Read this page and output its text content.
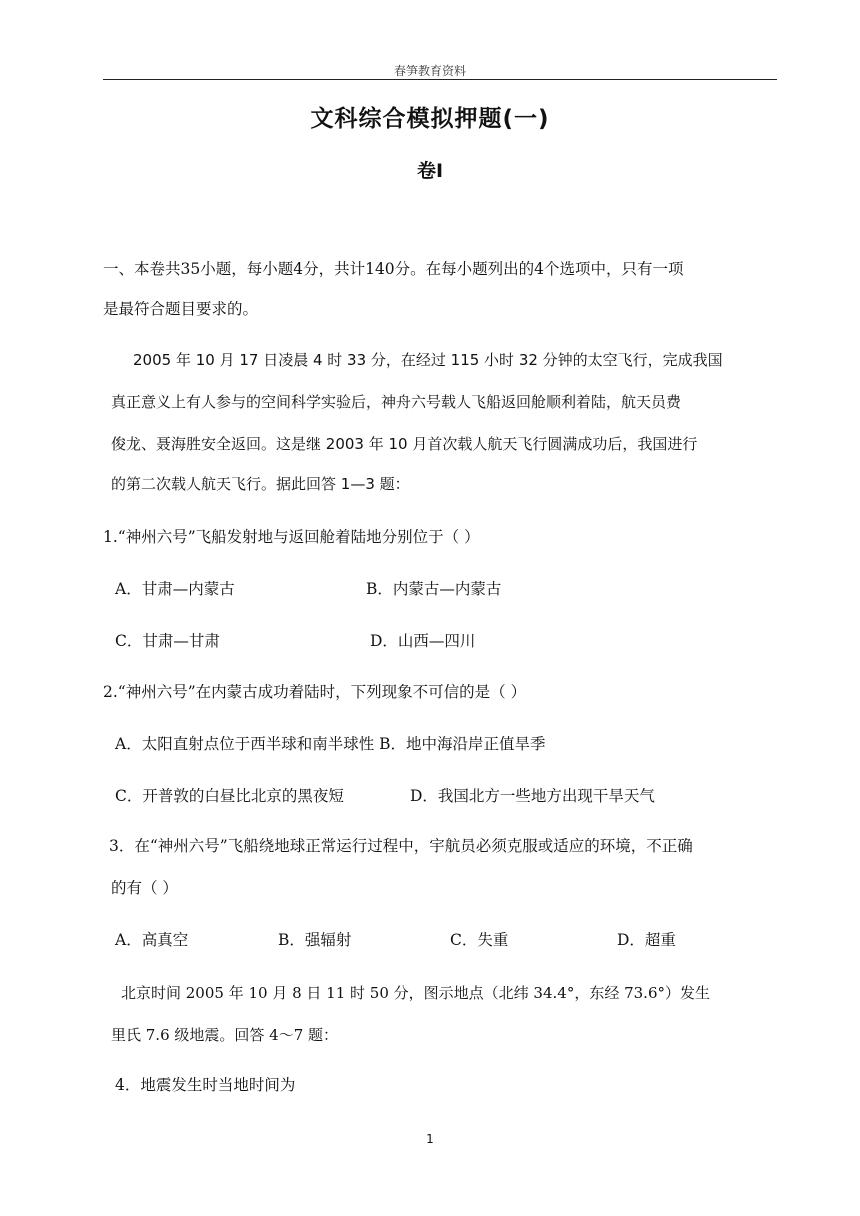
春笋教育资料
文科综合模拟押题(一)
卷Ⅰ
一、本卷共35小题，每小题4分，共计140分。在每小题列出的4个选项中，只有一项
是最符合题目要求的。
2005 年 10 月 17 日凌晨 4 时 33 分，在经过 115 小时 32 分钟的太空飞行，完成我国
真正意义上有人参与的空间科学实验后，神舟六号载人飞船返回舱顺利着陆，航天员费
俊龙、聂海胜安全返回。这是继 2003 年 10 月首次载人航天飞行圆满成功后，我国进行
的第二次载人航天飞行。据此回答 1—3 题：
1.“神州六号”飞船发射地与返回舱着陆地分别位于（ ）
A．甘肃—内蒙古	B．内蒙古—内蒙古
C．甘肃—甘肃	D．山西—四川
2.“神州六号”在内蒙古成功着陆时，下列现象不可信的是（ ）
A．太阳直射点位于西半球和南半球性 B．地中海沿岸正值旱季
C．开普敦的白昼比北京的黑夜短	D．我国北方一些地方出现干旱天气
3．在“神州六号”飞船绕地球正常运行过程中，宇航员必须克服或适应的环境，不正确
的有（ ）
A．高真空	B．强辐射	C．失重	D．超重
北京时间 2005 年 10 月 8 日 11 时 50 分，图示地点（北纬 34.4°，东经 73.6°）发生
里氏 7.6 级地震。回答 4～7 题：
4．地震发生时当地时间为
1
